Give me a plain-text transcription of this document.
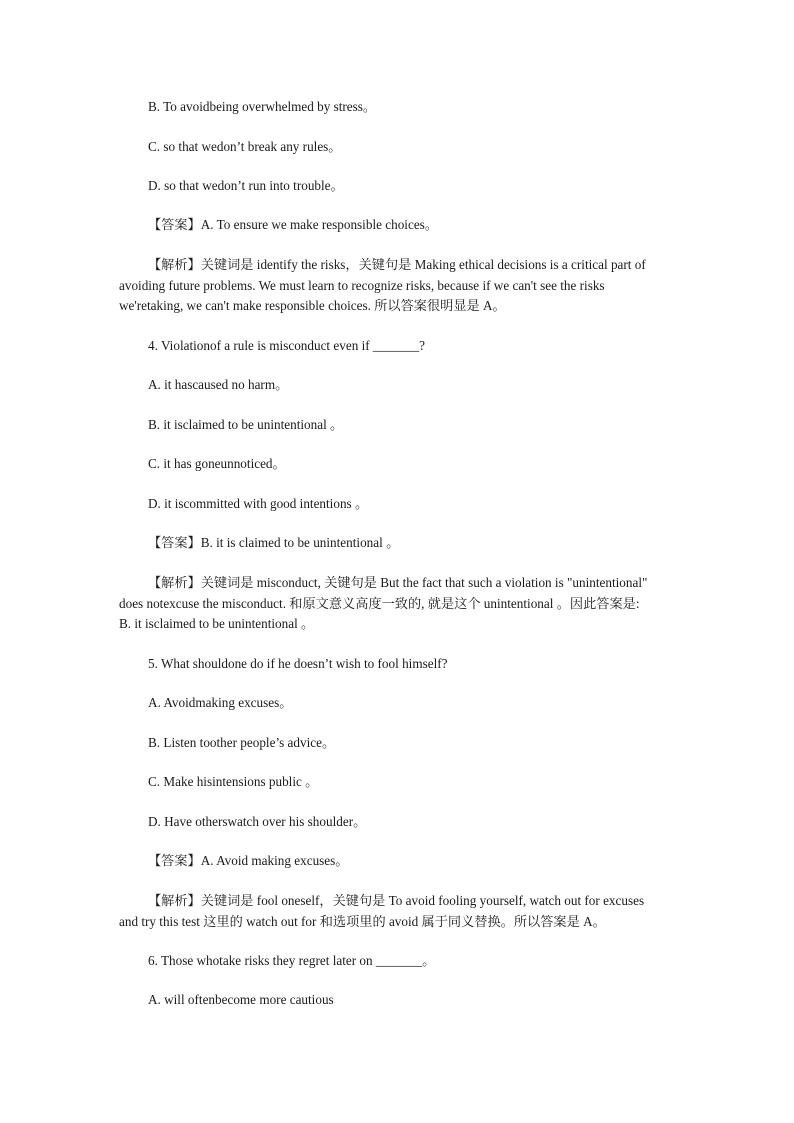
B. To avoidbeing overwhelmed by stress。
C. so that wedon’t break any rules。
D. so that wedon’t run into trouble。
【答案】A. To ensure we make responsible choices。
【解析】关键词是 identify the risks，关键句是 Making ethical decisions is a critical part of
avoiding future problems. We must learn to recognize risks, because if we can't see the risks
we'retaking, we can't make responsible choices. 所以答案很明显是 A。
4. Violationof a rule is misconduct even if _______?
A. it hascaused no harm。
B. it isclaimed to be unintentional 。
C. it has goneunnoticed。
D. it iscommitted with good intentions 。
【答案】B. it is claimed to be unintentional 。
【解析】关键词是 misconduct, 关键句是 But the fact that such a violation is "unintentional"
does notexcuse the misconduct. 和原文意义高度一致的, 就是这个 unintentional 。因此答案是:
B. it isclaimed to be unintentional 。
5. What shouldone do if he doesn’t wish to fool himself?
A. Avoidmaking excuses。
B. Listen toother people’s advice。
C. Make hisintensions public 。
D. Have otherswatch over his shoulder。
【答案】A. Avoid making excuses。
【解析】关键词是 fool oneself，关键句是 To avoid fooling yourself, watch out for excuses
and try this test 这里的 watch out for 和选项里的 avoid 属于同义替换。所以答案是 A。
6. Those whotake risks they regret later on _______。
A. will oftenbecome more cautious
